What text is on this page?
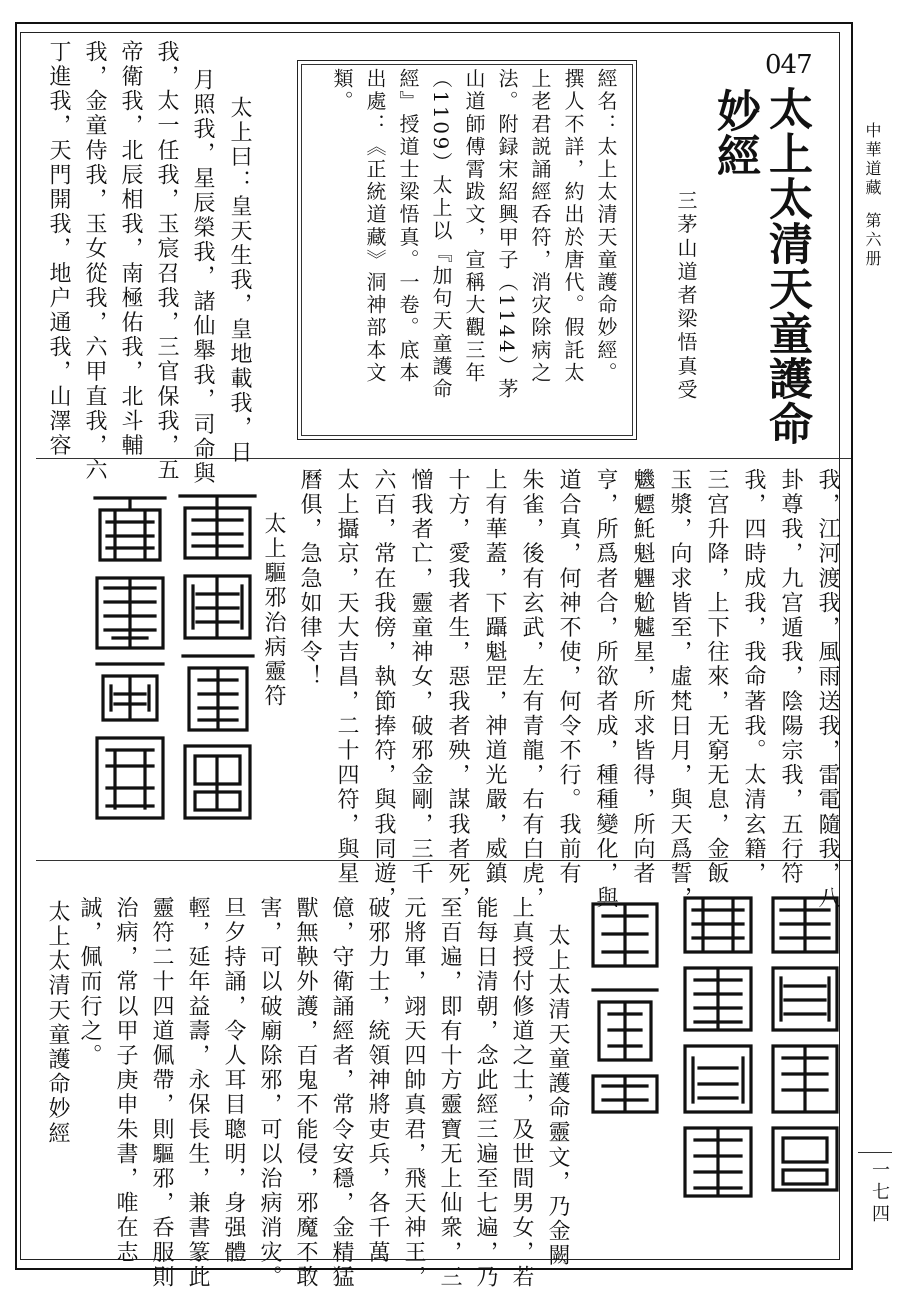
中華道藏第六册
一七四
047
太上太清天童護命
妙經
三茅山道者梁悟真受
經名：太上太清天童護命妙經。
撰人不詳，約出於唐代。假託太
上老君説誦經呑符，消灾除病之
法。附録宋紹興甲子（1144）茅
山道師傅霄跋文，宣稱大觀三年
（1109）太上以『加句天童護命
經』授道士梁悟真。一卷。底本
出處：《正統道藏》洞神部本文
類。
太上曰：皇天生我，皇地載我，日
月照我，星辰榮我，諸仙舉我，司命與
我，太一任我，玉宸召我，三官保我，五
帝衛我，北辰相我，南極佑我，北斗輔
我，金童侍我，玉女從我，六甲直我，六
丁進我，天門開我，地户通我，山澤容
我，江河渡我，風雨送我，雷電隨我，八
卦尊我，九宫遁我，陰陽宗我，五行符
我，四時成我，我命著我。太清玄籍，
三宫升降，上下往來，无窮无息，金飯
玉漿，向求皆至，虛梵日月，與天爲誓，
魕魒魠魁魓魀魖星，所求皆得，所向者
亨，所爲者合，所欲者成，種種變化，與
道合真，何神不使，何令不行。我前有
朱雀，後有玄武，左有青龍，右有白虎，
上有華蓋，下躡魁罡，神道光嚴，威鎮
十方，愛我者生，惡我者殃，謀我者死，
憎我者亡，靈童神女，破邪金剛，三千
六百，常在我傍，執節捧符，與我同遊，
太上攝京，天大吉昌，二十四符，與星
曆俱，急急如律令！
太上驅邪治病靈符
太上太清天童護命靈文，乃金闕
上真授付修道之士，及世間男女，若
能每日清朝，念此經三遍至七遍，乃
至百遍，即有十方靈寶无上仙衆，三
元將軍，翊天四帥真君，飛天神王，
破邪力士，統領神將吏兵，各千萬
億，守衛誦經者，常令安穩，金精猛
獸無鞅外護，百鬼不能侵，邪魔不敢
害，可以破廟除邪，可以治病消灾。
旦夕持誦，令人耳目聰明，身强體
輕，延年益壽，永保長生，兼書篆此
靈符二十四道佩帶，則驅邪，呑服則
治病，常以甲子庚申朱書，唯在志
誠，佩而行之。
太上太清天童護命妙經
